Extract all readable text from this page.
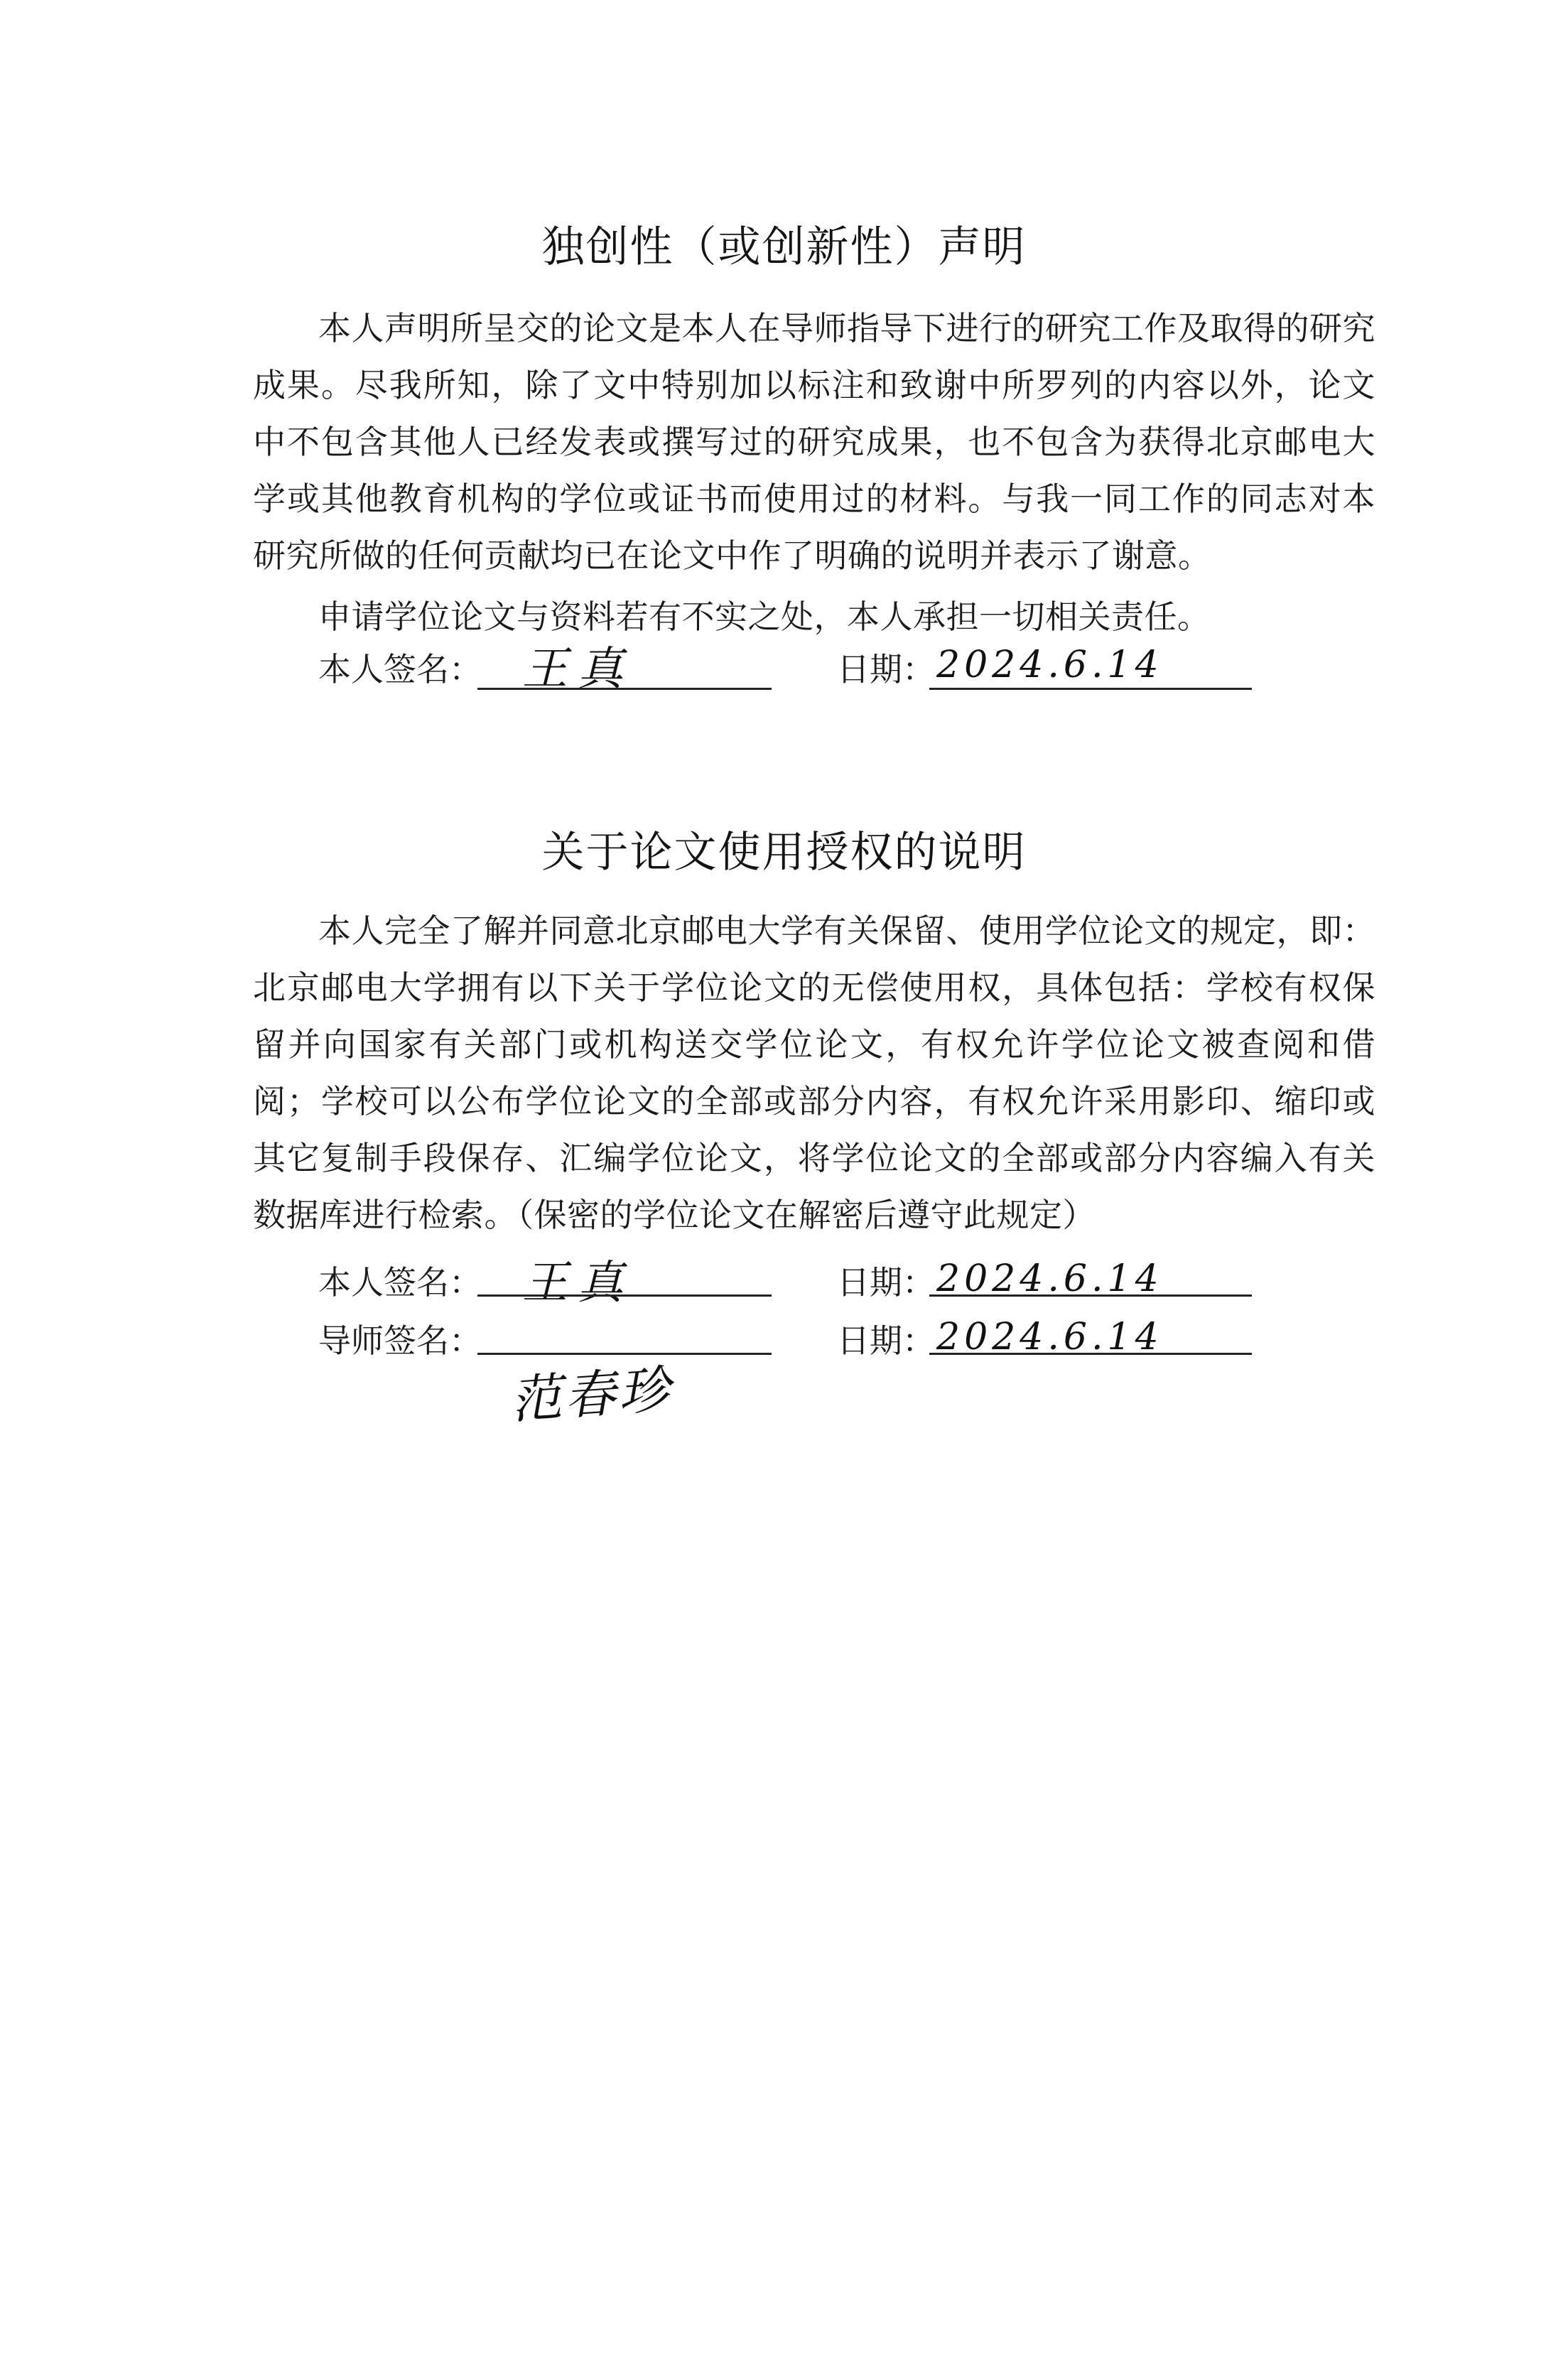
独创性（或创新性）声明

本人声明所呈交的论文是本人在导师指导下进行的研究工作及取得的研究成果。尽我所知，除了文中特别加以标注和致谢中所罗列的内容以外，论文中不包含其他人已经发表或撰写过的研究成果，也不包含为获得北京邮电大学或其他教育机构的学位或证书而使用过的材料。与我一同工作的同志对本研究所做的任何贡献均已在论文中作了明确的说明并表示了谢意。

申请学位论文与资料若有不实之处，本人承担一切相关责任。

本人签名： 王真	日期： 2024.6.14
关于论文使用授权的说明

本人完全了解并同意北京邮电大学有关保留、使用学位论文的规定，即：北京邮电大学拥有以下关于学位论文的无偿使用权，具体包括：学校有权保留并向国家有关部门或机构送交学位论文，有权允许学位论文被查阅和借阅；学校可以公布学位论文的全部或部分内容，有权允许采用影印、缩印或其它复制手段保存、汇编学位论文，将学位论文的全部或部分内容编入有关数据库进行检索。（保密的学位论文在解密后遵守此规定）

本人签名： 王真	日期： 2024.6.14
导师签名：
范春珍
日期： 2024.6.14
